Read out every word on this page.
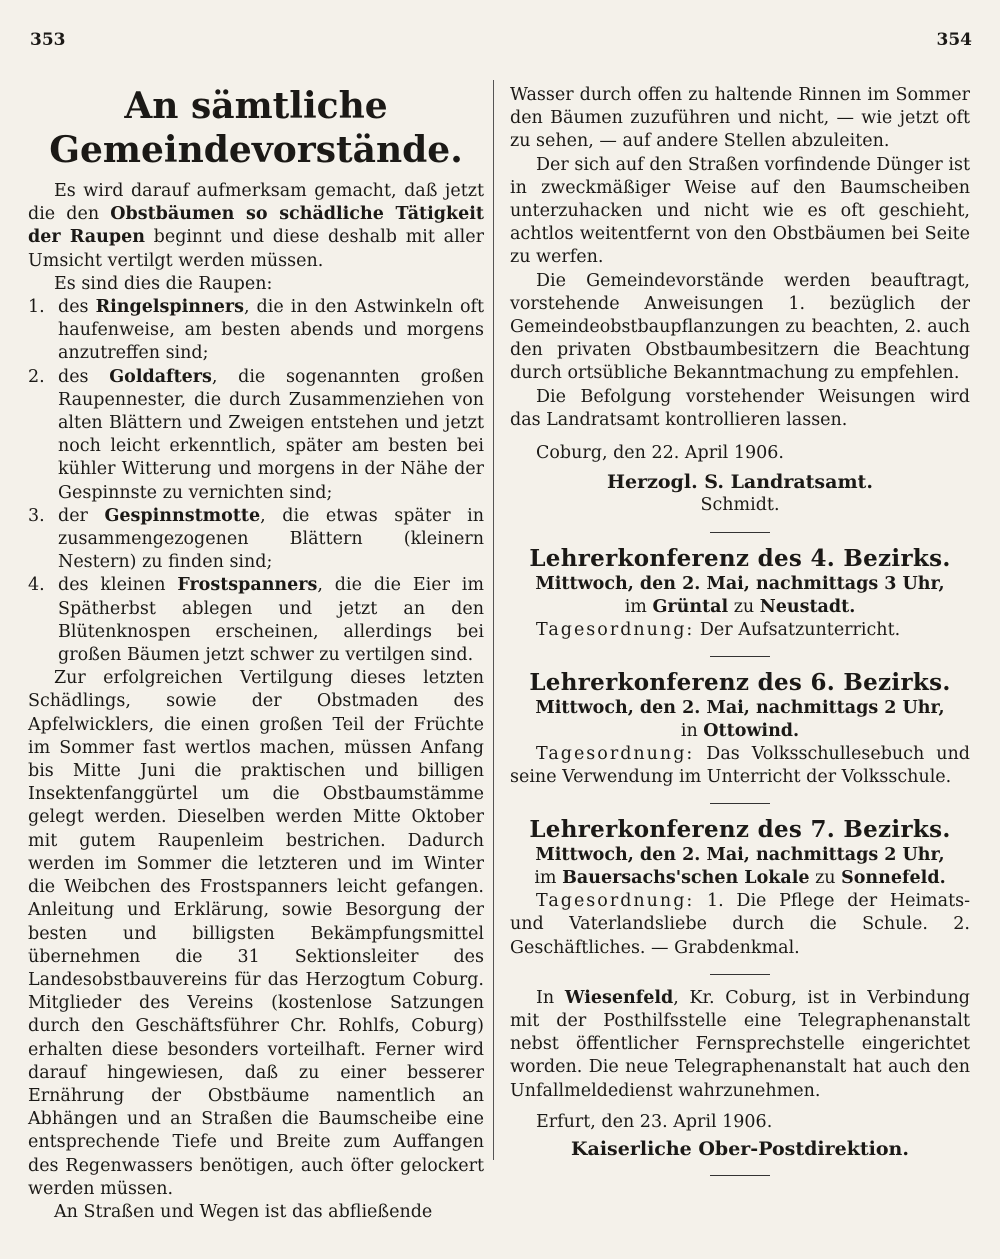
353	354
An sämtliche
Gemeindevorstände.

Es wird darauf aufmerksam gemacht, daß jetzt die den Obstbäumen so schädliche Tätigkeit der Raupen beginnt und diese deshalb mit aller Umsicht vertilgt werden müssen.

Es sind dies die Raupen:

1. des Ringelspinners, die in den Astwinkeln oft haufenweise, am besten abends und morgens anzutreffen sind;

2. des Goldafters, die sogenannten großen Raupennester, die durch Zusammenziehen von alten Blättern und Zweigen entstehen und jetzt noch leicht erkenntlich, später am besten bei kühler Witterung und morgens in der Nähe der Gespinnste zu vernichten sind;

3. der Gespinnstmotte, die etwas später in zusammengezogenen Blättern (kleinern Nestern) zu finden sind;

4. des kleinen Frostspanners, die die Eier im Spätherbst ablegen und jetzt an den Blütenknospen erscheinen, allerdings bei großen Bäumen jetzt schwer zu vertilgen sind.

Zur erfolgreichen Vertilgung dieses letzten Schädlings, sowie der Obstmaden des Apfelwicklers, die einen großen Teil der Früchte im Sommer fast wertlos machen, müssen Anfang bis Mitte Juni die praktischen und billigen Insektenfanggürtel um die Obstbaumstämme gelegt werden. Dieselben werden Mitte Oktober mit gutem Raupenleim bestrichen. Dadurch werden im Sommer die letzteren und im Winter die Weibchen des Frostspanners leicht gefangen. Anleitung und Erklärung, sowie Besorgung der besten und billigsten Bekämpfungsmittel übernehmen die 31 Sektionsleiter des Landesobstbauvereins für das Herzogtum Coburg. Mitglieder des Vereins (kostenlose Satzungen durch den Geschäftsführer Chr. Rohlfs, Coburg) erhalten diese besonders vorteilhaft. Ferner wird darauf hingewiesen, daß zu einer besserer Ernährung der Obstbäume namentlich an Abhängen und an Straßen die Baumscheibe eine entsprechende Tiefe und Breite zum Auffangen des Regenwassers benötigen, auch öfter gelockert werden müssen.

An Straßen und Wegen ist das abfließende

Wasser durch offen zu haltende Rinnen im Sommer den Bäumen zuzuführen und nicht, — wie jetzt oft zu sehen, — auf andere Stellen abzuleiten.

Der sich auf den Straßen vorfindende Dünger ist in zweckmäßiger Weise auf den Baumscheiben unterzuhacken und nicht wie es oft geschieht, achtlos weitentfernt von den Obstbäumen bei Seite zu werfen.

Die Gemeindevorstände werden beauftragt, vorstehende Anweisungen 1. bezüglich der Gemeindeobstbaupflanzungen zu beachten, 2. auch den privaten Obstbaumbesitzern die Beachtung durch ortsübliche Bekanntmachung zu empfehlen.

Die Befolgung vorstehender Weisungen wird das Landratsamt kontrollieren lassen.

Coburg, den 22. April 1906.

Herzogl. S. Landratsamt.

Schmidt.

Lehrerkonferenz des 4. Bezirks.

Mittwoch, den 2. Mai, nachmittags 3 Uhr,

im Grüntal zu Neustadt.

Tagesordnung: Der Aufsatzunterricht.

Lehrerkonferenz des 6. Bezirks.

Mittwoch, den 2. Mai, nachmittags 2 Uhr,

in Ottowind.

Tagesordnung: Das Volksschullesebuch und seine Verwendung im Unterricht der Volksschule.

Lehrerkonferenz des 7. Bezirks.

Mittwoch, den 2. Mai, nachmittags 2 Uhr,

im Bauersachs'schen Lokale zu Sonnefeld.

Tagesordnung: 1. Die Pflege der Heimats- und Vaterlandsliebe durch die Schule. 2. Geschäftliches. — Grabdenkmal.

In Wiesenfeld, Kr. Coburg, ist in Verbindung mit der Posthilfsstelle eine Telegraphenanstalt nebst öffentlicher Fernsprechstelle eingerichtet worden. Die neue Telegraphenanstalt hat auch den Unfallmeldedienst wahrzunehmen.

Erfurt, den 23. April 1906.

Kaiserliche Ober-Postdirektion.
